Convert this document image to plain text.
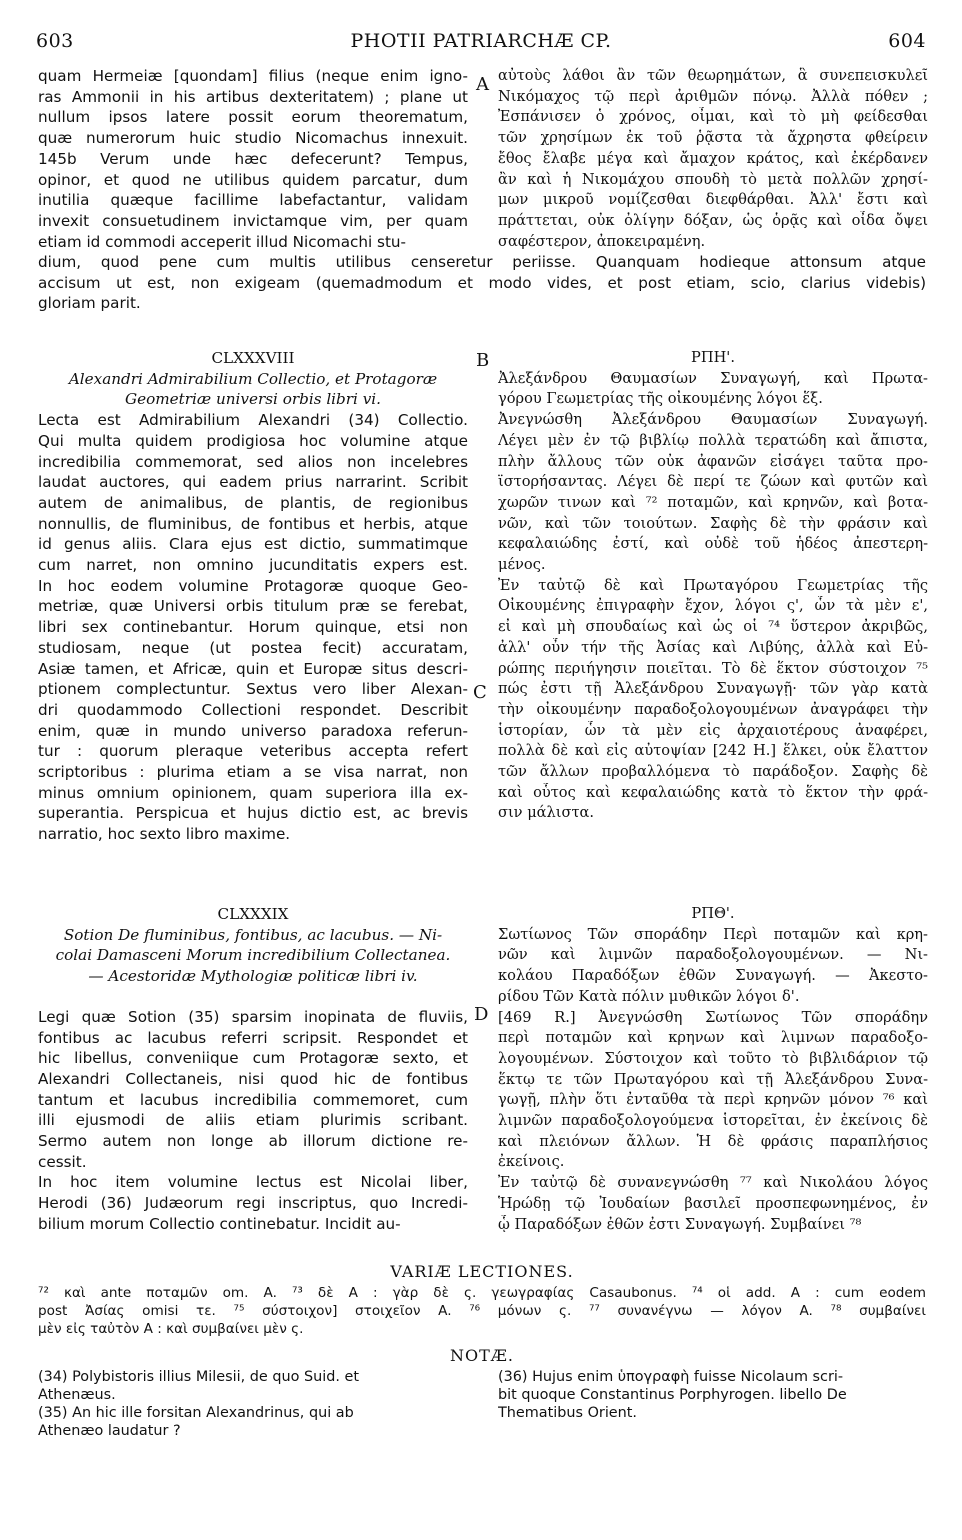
603	PHOTII PATRIARCHÆ CP.	604
quam Hermeiæ [quondam] filius (neque enim igno-
ras Ammonii in his artibus dexteritatem) ; plane ut
nullum ipsos latere possit eorum theorematum,
quæ numerorum huic studio Nicomachus innexuit.
145b Verum unde hæc defecerunt? Tempus,
opinor, et quod ne utilibus quidem parcatur, dum
inutilia quæque facillime labefactantur, validam
invexit consuetudinem invictamque vim, per quam
etiam id commodi acceperit illud Nicomachi stu-
A αὐτοὺς λάθοι ἂν τῶν θεωρημάτων, ἃ συνεπεισκυλεῖ
Νικόμαχος τῷ περὶ ἀριθμῶν πόνῳ. Ἀλλὰ πόθεν ;
Ἐσπάνισεν ὁ χρόνος, οἶμαι, καὶ τὸ μὴ φείδεσθαι
τῶν χρησίμων ἐκ τοῦ ῥᾷστα τὰ ἄχρηστα φθείρειν
ἔθος ἔλαβε μέγα καὶ ἄμαχον κράτος, καὶ ἐκέρδανεν
ἂν καὶ ἡ Νικομάχου σπουδὴ τὸ μετὰ πολλῶν χρησί-
μων μικροῦ νομίζεσθαι διεφθάρθαι. Ἀλλ' ἔστι καὶ
πράττεται, οὐκ ὀλίγην δόξαν, ὡς ὁρᾷς καὶ οἶδα ὄψει
σαφέστερον, ἀποκειραμένη.
dium, quod pene cum multis utilibus censeretur periisse. Quanquam hodieque attonsum atque
accisum ut est, non exigeam (quemadmodum et modo vides, et post etiam, scio, clarius videbis)
gloriam parit.
CLXXXVIII
Alexandri Admirabilium Collectio, et Protagoræ
Geometriæ universi orbis libri vi.
Lecta est Admirabilium Alexandri (34) Collectio.
Qui multa quidem prodigiosa hoc volumine atque
incredibilia commemorat, sed alios non incelebres
laudat auctores, qui eadem prius narrarint. Scribit
autem de animalibus, de plantis, de regionibus
nonnullis, de fluminibus, de fontibus et herbis, atque
id genus aliis. Clara ejus est dictio, summatimque
cum narret, non omnino jucunditatis expers est.
In hoc eodem volumine Protagoræ quoque Geo-
metriæ, quæ Universi orbis titulum præ se ferebat,
libri sex continebantur. Horum quinque, etsi non
studiosam, neque (ut postea fecit) accuratam,
Asiæ tamen, et Africæ, quin et Europæ situs descri-
ptionem complectuntur. Sextus vero liber Alexan-
dri quodammodo Collectioni respondet. Describit
enim, quæ in mundo universo paradoxa referun-
tur : quorum pleraque veteribus accepta refert
scriptoribus : plurima etiam a se visa narrat, non
minus omnium opinionem, quam superiora illa ex-
superantia. Perspicua et hujus dictio est, ac brevis
narratio, hoc sexto libro maxime.
B	ΡΠΗ'.
Ἀλεξάνδρου Θαυμασίων Συναγωγή, καὶ Πρωτα-
γόρου Γεωμετρίας τῆς οἰκουμένης λόγοι ἕξ.
Ἀνεγνώσθη Ἀλεξάνδρου Θαυμασίων Συναγωγή.
Λέγει μὲν ἐν τῷ βιβλίῳ πολλὰ τερατώδη καὶ ἄπιστα,
πλὴν ἄλλους τῶν οὐκ ἀφανῶν εἰσάγει ταῦτα προ-
ϊστορήσαντας. Λέγει δὲ περί τε ζώων καὶ φυτῶν καὶ
χωρῶν τινων καὶ ⁷² ποταμῶν, καὶ κρηνῶν, καὶ βοτα-
νῶν, καὶ τῶν τοιούτων. Σαφὴς δὲ τὴν φράσιν καὶ
κεφαλαιώδης ἐστί, καὶ οὐδὲ τοῦ ἡδέος ἀπεστερη-
μένος.
Ἐν ταὐτῷ δὲ καὶ Πρωταγόρου Γεωμετρίας τῆς
Οἰκουμένης ἐπιγραφὴν ἔχον, λόγοι ς', ὧν τὰ μὲν ε',
εἰ καὶ μὴ σπουδαίως καὶ ὡς οἱ ⁷⁴ ὕστερον ἀκριβῶς,
ἀλλ' οὖν τήν τῆς Ἀσίας καὶ Λιβύης, ἀλλὰ καὶ Εὐ-
ρώπης περιήγησιν ποιεῖται. Τὸ δὲ ἕκτον σύστοιχον ⁷⁵
πώς ἐστι τῇ Ἀλεξάνδρου Συναγωγῇ· τῶν γὰρ κατὰ
τὴν οἰκουμένην παραδοξολογουμένων ἀναγράφει τὴν
ἱστορίαν, ὧν τὰ μὲν εἰς ἀρχαιοτέρους ἀναφέρει,
πολλὰ δὲ καὶ εἰς αὐτοψίαν [242 H.] ἕλκει, οὐκ ἔλαττον
τῶν ἄλλων προβαλλόμενα τὸ παράδοξον. Σαφὴς δὲ
καὶ οὗτος καὶ κεφαλαιώδης κατὰ τὸ ἕκτον τὴν φρά-
σιν μάλιστα.
C
CLXXXIX
Sotion De fluminibus, fontibus, ac lacubus. — Ni-
colai Damasceni Morum incredibilium Collectanea.
— Acestoridæ Mythologiæ politicæ libri iv.
Legi quæ Sotion (35) sparsim inopinata de fluviis,
fontibus ac lacubus referri scripsit. Respondet et
hic libellus, conveniique cum Protagoræ sexto, et
Alexandri Collectaneis, nisi quod hic de fontibus
tantum et lacubus incredibilia commemoret, cum
illi ejusmodi de aliis etiam plurimis scribant.
Sermo autem non longe ab illorum dictione re-
cessit.
In hoc item volumine lectus est Nicolai liber,
Herodi (36) Judæorum regi inscriptus, quo Incredi-
bilium morum Collectio continebatur. Incidit au-
D
ΡΠΘ'.
Σωτίωνος Τῶν σποράδην Περὶ ποταμῶν καὶ κρη-
νῶν καὶ λιμνῶν παραδοξολογουμένων. — Νι-
κολάου Παραδόξων ἐθῶν Συναγωγή. — Ἀκεστο-
ρίδου Τῶν Κατὰ πόλιν μυθικῶν λόγοι δ'.
[469 R.] Ἀνεγνώσθη Σωτίωνος Τῶν σποράδην
περὶ ποταμῶν καὶ κρηνων καὶ λιμνων παραδοξο-
λογουμένων. Σύστοιχον καὶ τοῦτο τὸ βιβλιδάριον τῷ
ἕκτῳ τε τῶν Πρωταγόρου καὶ τῇ Ἀλεξάνδρου Συνα-
γωγῇ, πλὴν ὅτι ἐνταῦθα τὰ περὶ κρηνῶν μόνον ⁷⁶ καὶ
λιμνῶν παραδοξολογούμενα ἱστορεῖται, ἐν ἐκείνοις δὲ
καὶ πλειόνων ἄλλων. Ἡ δὲ φράσις παραπλήσιος
ἐκείνοις.
Ἐν ταὐτῷ δὲ συνανεγνώσθη ⁷⁷ καὶ Νικολάου λόγος
Ἡρώδῃ τῷ Ἰουδαίων βασιλεῖ προσπεφωνημένος, ἐν
ᾧ Παραδόξων ἐθῶν ἐστι Συναγωγή. Συμβαίνει ⁷⁸
VARIÆ LECTIONES.
⁷² καὶ ante ποταμῶν om. A. ⁷³ δὲ A : γὰρ δὲ ς. γεωγραφίας Casaubonus. ⁷⁴ οἱ add. A : cum eodem
post Ἀσίας omisi τε. ⁷⁵ σύστοιχον] στοιχεῖον A. ⁷⁶ μόνων ς. ⁷⁷ συνανέγνω — λόγον A. ⁷⁸ συμβαίνει
μὲν εἰς ταὐτὸν A : καὶ συμβαίνει μὲν ς.
NOTÆ.
(34) Polybistoris illius Milesii, de quo Suid. et
Athenæus.
(35) An hic ille forsitan Alexandrinus, qui ab
Athenæo laudatur ?
(36) Hujus enim ὑπογραφὴ fuisse Nicolaum scri-
bit quoque Constantinus Porphyrogen. libello De
Thematibus Orient.
